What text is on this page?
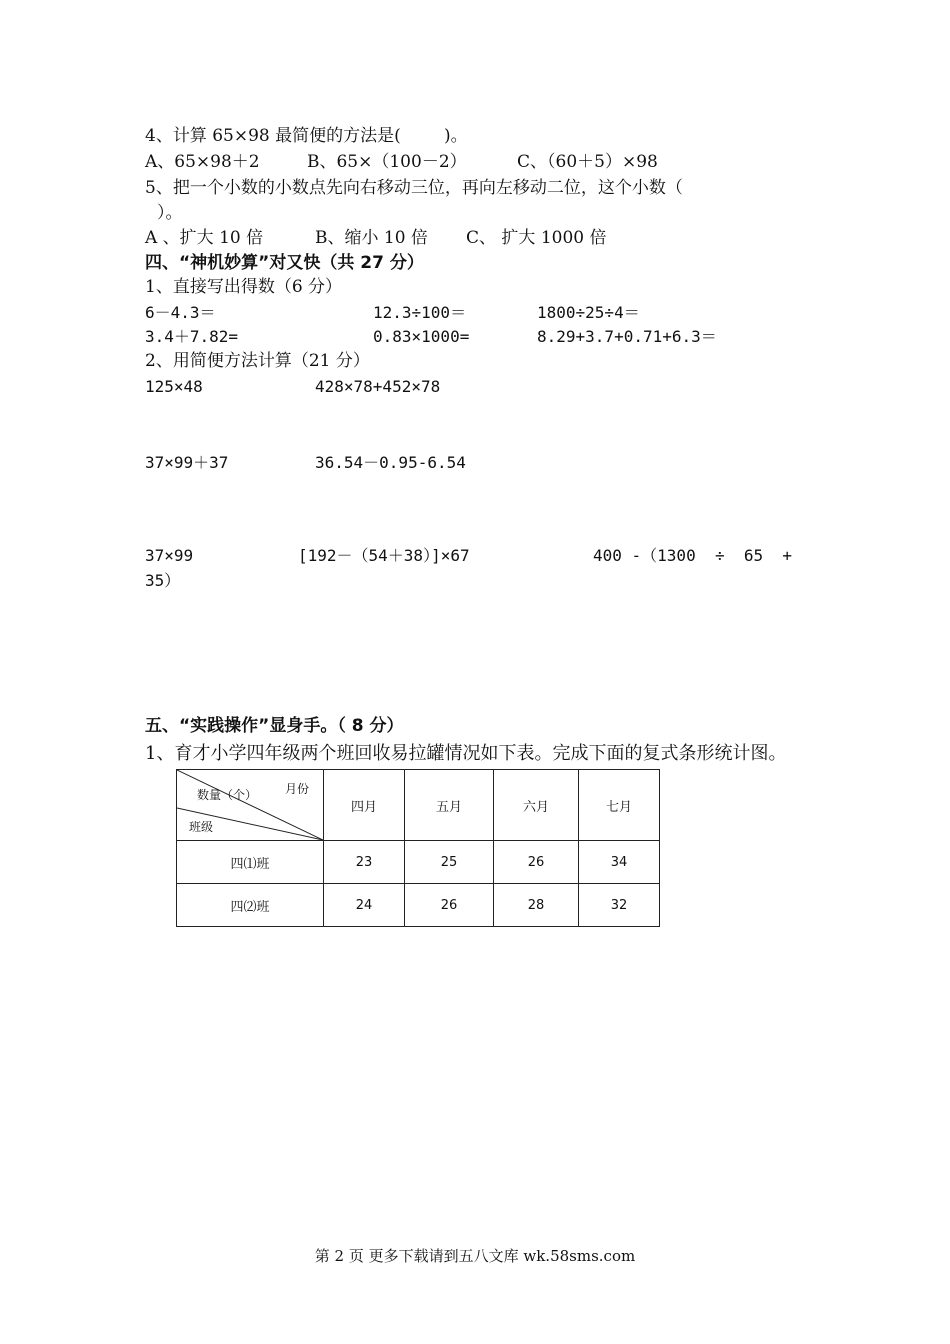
4、计算 65×98 最简便的方法是(        )。
A、65×98＋2	B、65×（100－2）	C、（60＋5）×98
5、把一个小数的小数点先向右移动三位，再向左移动二位，这个小数（
）。
A 、扩大 10 倍	B、缩小 10 倍 C、 扩大 1000 倍
四、“神机妙算”对又快（共 27 分）
1、直接写出得数（6 分）
6－4.3＝	12.3÷100＝	1800÷25÷4＝
3.4＋7.82=	0.83×1000=	8.29+3.7+0.71+6.3＝
2、用简便方法计算（21 分）
125×48	428×78+452×78
37×99＋37	36.54－0.95-6.54
37×99	[192－（54＋38）]×67	400 -（1300  ÷  65  +
35）
五、“实践操作”显身手。（ 8 分）
1、育才小学四年级两个班回收易拉罐情况如下表。完成下面的复式条形统计图。
月份
数量（个）
班级	四月	五月	六月	七月
四⑴班	23	25	26	34
四⑵班	24	26	28	32
第 2 页 更多下载请到五八文库 wk.58sms.com
